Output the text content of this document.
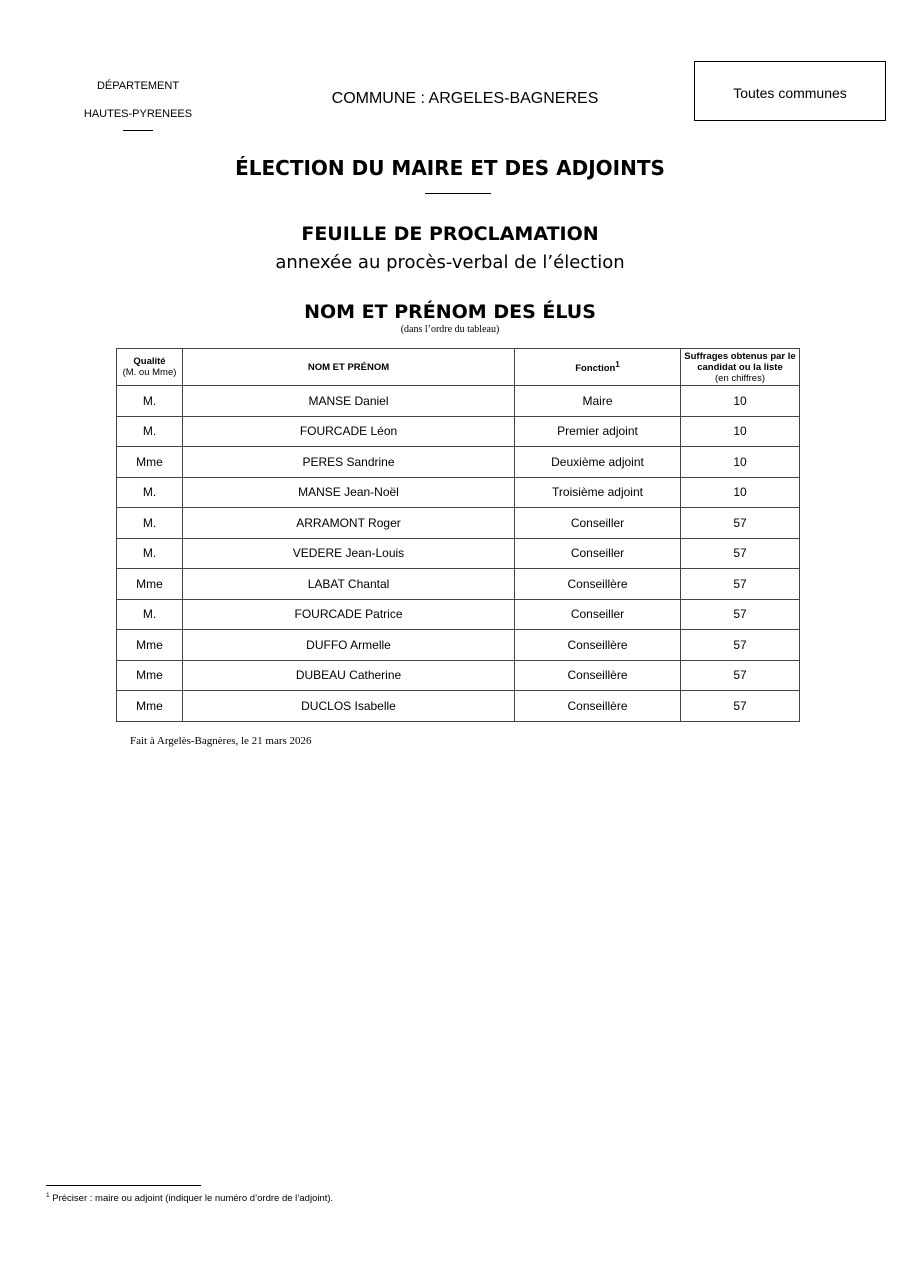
DÉPARTEMENT
HAUTES-PYRENEES
COMMUNE : ARGELES-BAGNERES	Toutes communes
ÉLECTION DU MAIRE ET DES ADJOINTS
FEUILLE DE PROCLAMATION
annexée au procès-verbal de l’élection
NOM ET PRÉNOM DES ÉLUS
(dans l’ordre du tableau)
Qualité
(M. ou Mme)	NOM ET PRÉNOM	Fonction$^1$	Suffrages obtenus par le candidat ou la liste
(en chiffres)

M.	MANSE Daniel	Maire	10
M.	FOURCADE Léon	Premier adjoint	10
Mme	PERES Sandrine	Deuxième adjoint	10
M.	MANSE Jean-Noël	Troisième adjoint	10
M.	ARRAMONT Roger	Conseiller	57
M.	VEDERE Jean-Louis	Conseiller	57
Mme	LABAT Chantal	Conseillère	57
M.	FOURCADE Patrice	Conseiller	57
Mme	DUFFO Armelle	Conseillère	57
Mme	DUBEAU Catherine	Conseillère	57
Mme	DUCLOS Isabelle	Conseillère	57
Fait à Argelès-Bagnères, le 21 mars 2026
$^1$ Préciser : maire ou adjoint (indiquer le numéro d’ordre de l’adjoint).
